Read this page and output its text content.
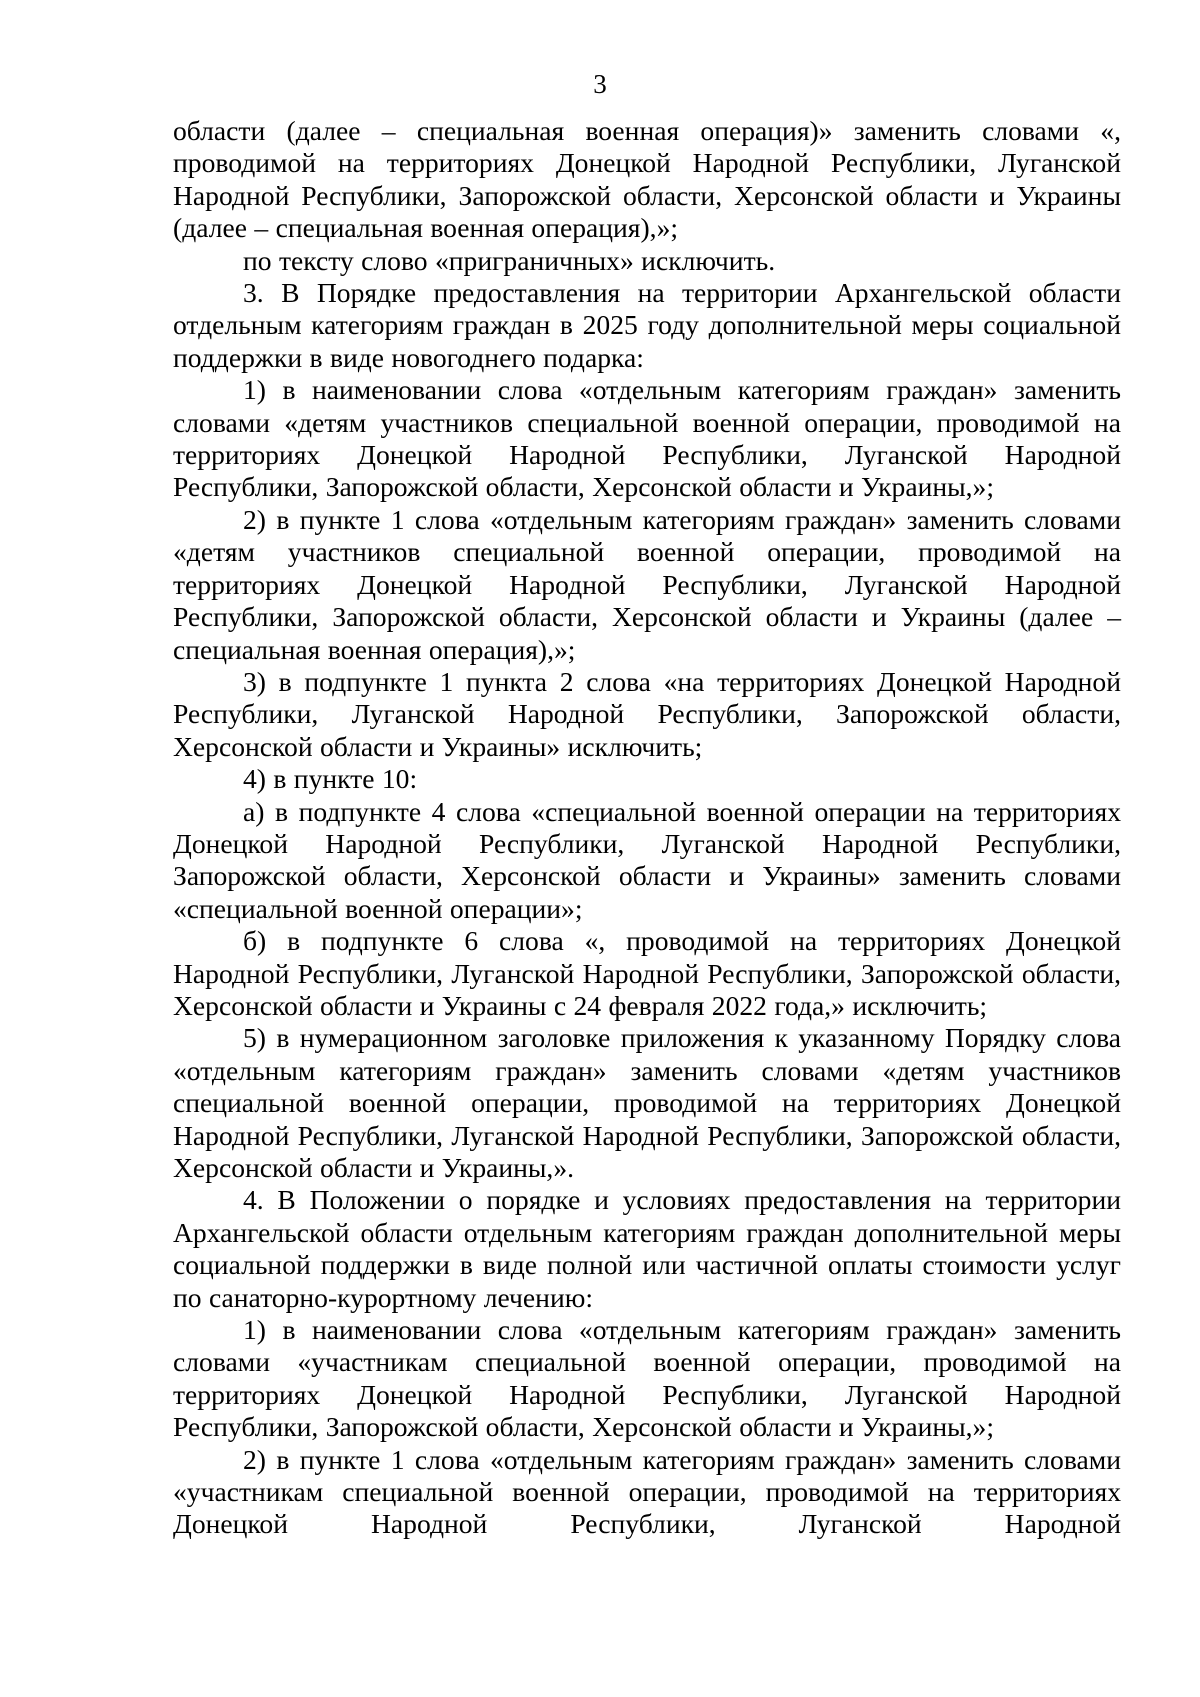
3

области (далее – специальная военная операция)» заменить словами «, проводимой на территориях Донецкой Народной Республики, Луганской Народной Республики, Запорожской области, Херсонской области и Украины (далее – специальная военная операция),»;

по тексту слово «приграничных» исключить.

3. В Порядке предоставления на территории Архангельской области отдельным категориям граждан в 2025 году дополнительной меры социальной поддержки в виде новогоднего подарка:

1) в наименовании слова «отдельным категориям граждан» заменить словами «детям участников специальной военной операции, проводимой на территориях Донецкой Народной Республики, Луганской Народной Республики, Запорожской области, Херсонской области и Украины,»;

2) в пункте 1 слова «отдельным категориям граждан» заменить словами «детям участников специальной военной операции, проводимой на территориях Донецкой Народной Республики, Луганской Народной Республики, Запорожской области, Херсонской области и Украины (далее – специальная военная операция),»;

3) в подпункте 1 пункта 2 слова «на территориях Донецкой Народной Республики, Луганской Народной Республики, Запорожской области, Херсонской области и Украины» исключить;

4) в пункте 10:

а) в подпункте 4 слова «специальной военной операции на территориях Донецкой Народной Республики, Луганской Народной Республики, Запорожской области, Херсонской области и Украины» заменить словами «специальной военной операции»;

б) в подпункте 6 слова «, проводимой на территориях Донецкой Народной Республики, Луганской Народной Республики, Запорожской области, Херсонской области и Украины с 24 февраля 2022 года,» исключить;

5) в нумерационном заголовке приложения к указанному Порядку слова «отдельным категориям граждан» заменить словами «детям участников специальной военной операции, проводимой на территориях Донецкой Народной Республики, Луганской Народной Республики, Запорожской области, Херсонской области и Украины,».

4. В Положении о порядке и условиях предоставления на территории Архангельской области отдельным категориям граждан дополнительной меры социальной поддержки в виде полной или частичной оплаты стоимости услуг по санаторно-курортному лечению:

1) в наименовании слова «отдельным категориям граждан» заменить словами «участникам специальной военной операции, проводимой на территориях Донецкой Народной Республики, Луганской Народной Республики, Запорожской области, Херсонской области и Украины,»;

2) в пункте 1 слова «отдельным категориям граждан» заменить словами «участникам специальной военной операции, проводимой на территориях Донецкой Народной Республики, Луганской Народной
